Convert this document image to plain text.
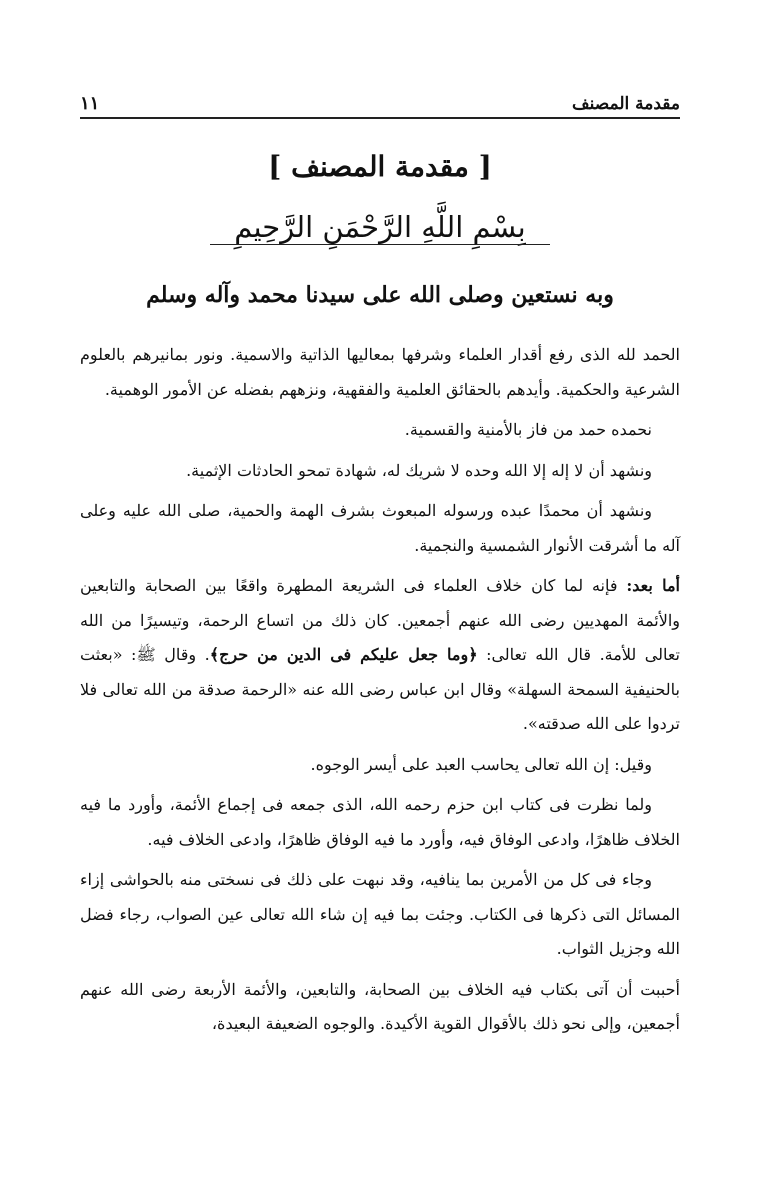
مقدمة المصنف
١١
[ مقدمة المصنف ]
بِسْمِ اللَّهِ الرَّحْمَنِ الرَّحِيمِ
وبه نستعين وصلى الله على سيدنا محمد وآله وسلم

الحمد لله الذى رفع أقدار العلماء وشرفها بمعاليها الذاتية والاسمية. ونور بمانيرهم بالعلوم الشرعية والحكمية. وأيدهم بالحقائق العلمية والفقهية، ونزههم بفضله عن الأمور الوهمية.

نحمده حمد من فاز بالأمنية والقسمية.

ونشهد أن لا إله إلا الله وحده لا شريك له، شهادة تمحو الحادثات الإثمية.

ونشهد أن محمدًا عبده ورسوله المبعوث بشرف الهمة والحمية، صلى الله عليه وعلى آله ما أشرقت الأنوار الشمسية والنجمية.

أما بعد: فإنه لما كان خلاف العلماء فى الشريعة المطهرة واقعًا بين الصحابة والتابعين والأئمة المهديين رضى الله عنهم أجمعين. كان ذلك من اتساع الرحمة، وتيسيرًا من الله تعالى للأمة. قال الله تعالى: ﴿وما جعل عليكم فى الدين من حرج﴾. وقال ﷺ: «بعثت بالحنيفية السمحة السهلة» وقال ابن عباس رضى الله عنه «الرحمة صدقة من الله تعالى فلا تردوا على الله صدقته».

وقيل: إن الله تعالى يحاسب العبد على أيسر الوجوه.

ولما نظرت فى كتاب ابن حزم رحمه الله، الذى جمعه فى إجماع الأئمة، وأورد ما فيه الخلاف ظاهرًا، وادعى الوفاق فيه، وأورد ما فيه الوفاق ظاهرًا، وادعى الخلاف فيه.

وجاء فى كل من الأمرين بما ينافيه، وقد نبهت على ذلك فى نسختى منه بالحواشى إزاء المسائل التى ذكرها فى الكتاب. وجئت بما فيه إن شاء الله تعالى عين الصواب، رجاء فضل الله وجزيل الثواب.

أحببت أن آتى بكتاب فيه الخلاف بين الصحابة، والتابعين، والأئمة الأربعة رضى الله عنهم أجمعين، وإلى نحو ذلك بالأقوال القوية الأكيدة. والوجوه الضعيفة البعيدة،
